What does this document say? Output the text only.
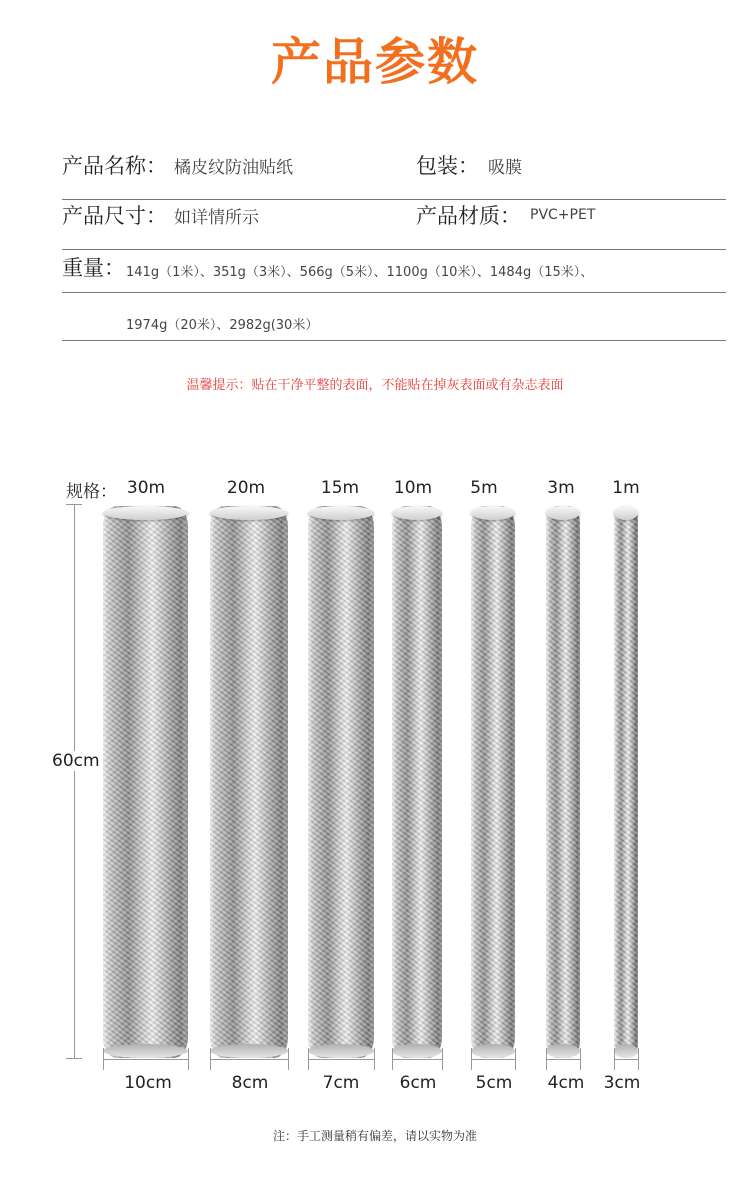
产品参数
产品名称： 橘皮纹防油贴纸	包装： 吸膜
产品尺寸： 如详情所示	产品材质： PVC+PET
重量： 141g（1米）、351g（3米）、566g（5米）、1100g（10米）、1484g（15米）、
1974g（20米）、2982g(30米）
温馨提示：贴在干净平整的表面，不能贴在掉灰表面或有杂志表面
规格： 30m	20m	15m 10m 5m	3m 1m
60cm
10cm	8cm	7cm 6cm 5cm 4cm 3cm
注：手工测量稍有偏差，请以实物为准
